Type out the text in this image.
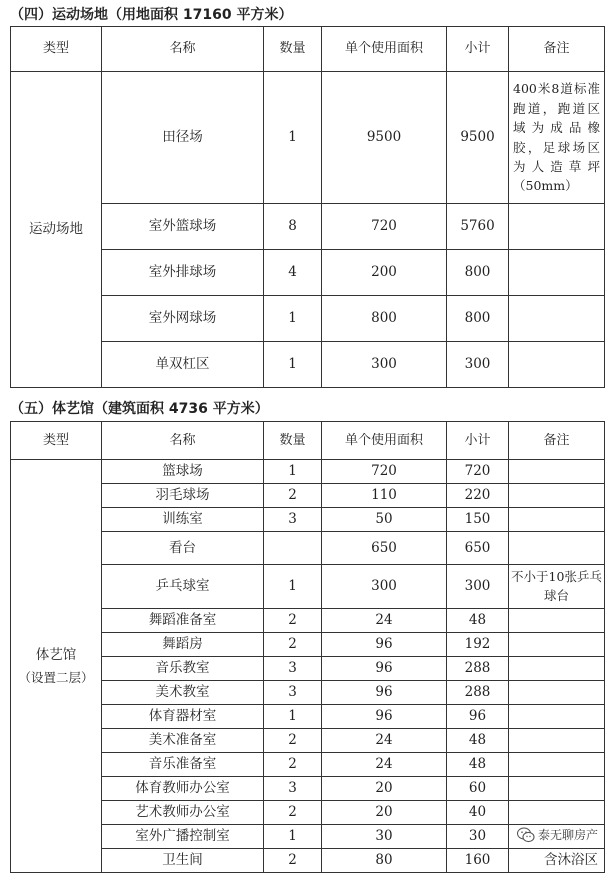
（四）运动场地（用地面积 17160 平方米）
类型	名称	数量	单个使用面积	小计	备注
运动场地	田径场	1	9500	9500	400米8道标准跑道，跑道区域为成品橡胶，足球场区为人造草坪（50mm）
	室外篮球场	8	720	5760	
	室外排球场	4	200	800	
	室外网球场	1	800	800	
	单双杠区	1	300	300	
（五）体艺馆（建筑面积 4736 平方米）
类型	名称	数量	单个使用面积	小计	备注

体艺馆
（设置二层）	篮球场	1	720	720	
	羽毛球场	2	110	220	
	训练室	3	50	150	
	看台		650	650	
	乒乓球室	1	300	300	不小于10张乒乓球台
	舞蹈准备室	2	24	48	
	舞蹈房	2	96	192	
	音乐教室	3	96	288	
	美术教室	3	96	288	
	体育器材室	1	96	96	
	美术准备室	2	24	48	
	音乐准备室	2	24	48	
	体育教师办公室	3	20	60	
	艺术教师办公室	2	20	40	
	室外广播控制室	1	30	30	
	卫生间	2	80	160	含沐浴区
泰无聊房产
